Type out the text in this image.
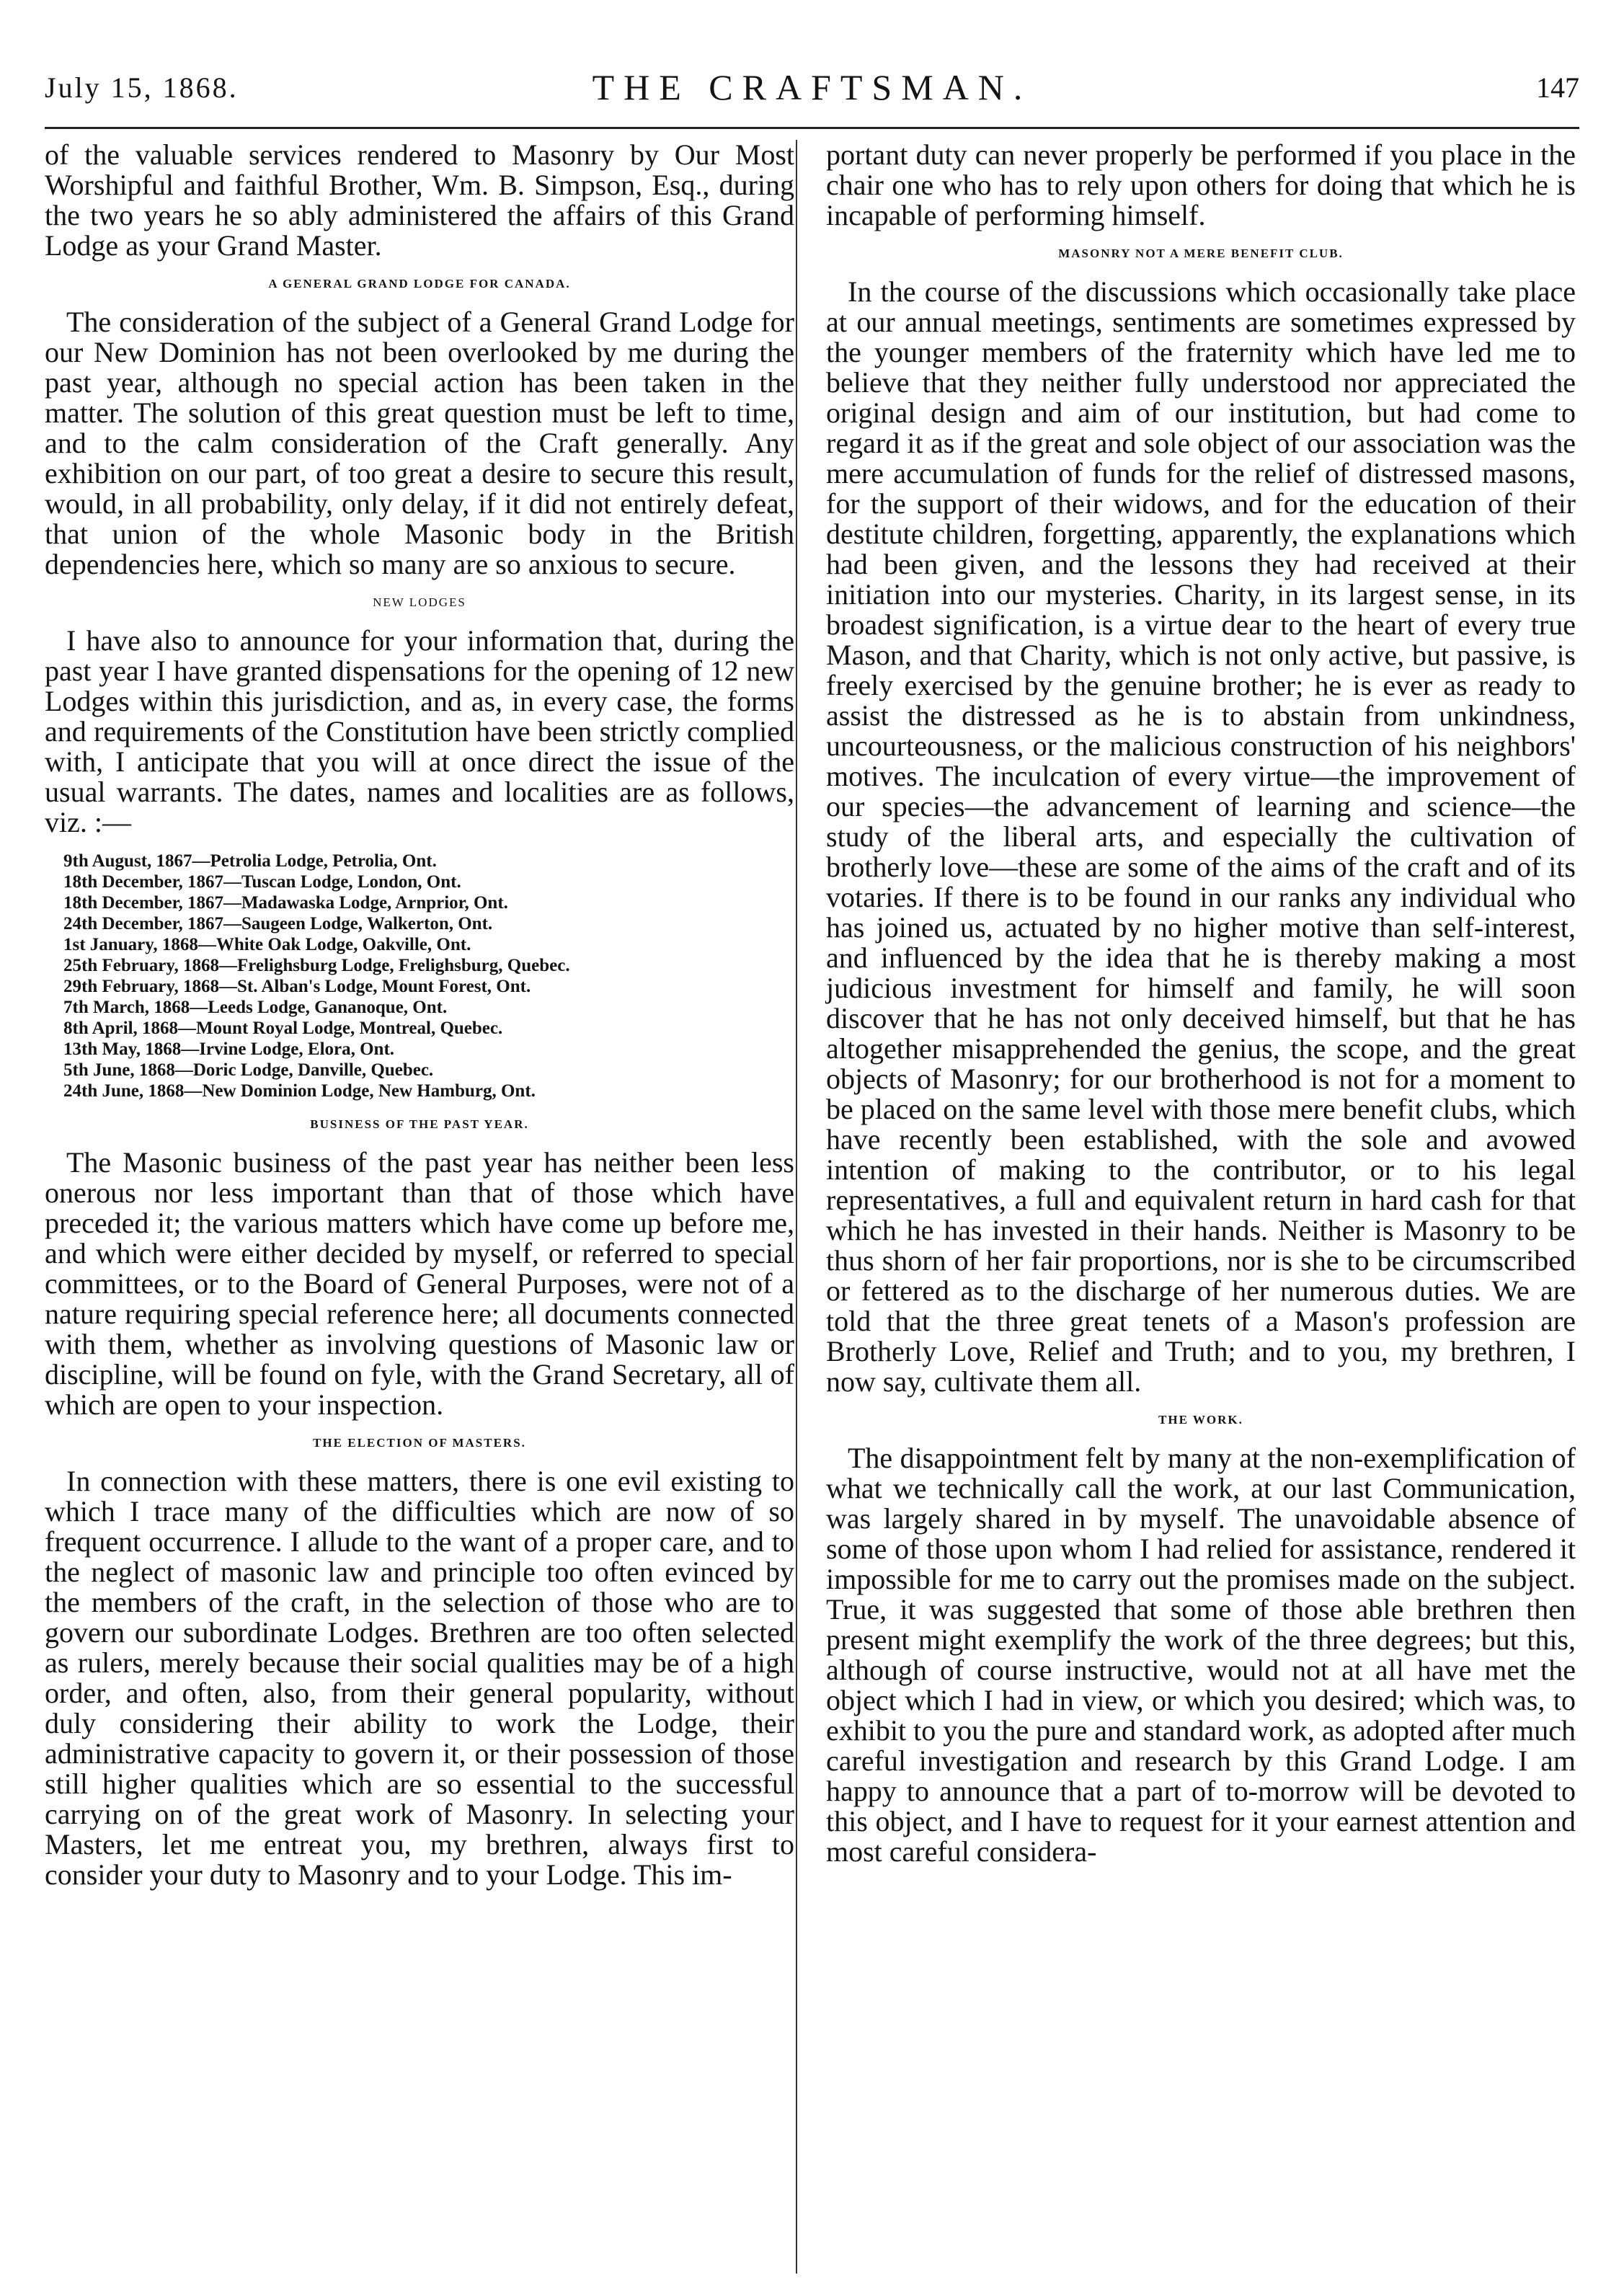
July 15, 1868.	THE CRAFTSMAN.	147

of the valuable services rendered to Masonry by Our Most Worshipful and faithful Brother, Wm. B. Simpson, Esq., during the two years he so ably administered the affairs of this Grand Lodge as your Grand Master.

A GENERAL GRAND LODGE FOR CANADA.

The consideration of the subject of a General Grand Lodge for our New Dominion has not been overlooked by me during the past year, although no special action has been taken in the matter. The solution of this great question must be left to time, and to the calm consideration of the Craft generally. Any exhibition on our part, of too great a desire to secure this result, would, in all probability, only delay, if it did not entirely defeat, that union of the whole Masonic body in the British dependencies here, which so many are so anxious to secure.

NEW LODGES

I have also to announce for your information that, during the past year I have granted dispensations for the opening of 12 new Lodges within this jurisdiction, and as, in every case, the forms and requirements of the Constitution have been strictly complied with, I anticipate that you will at once direct the issue of the usual warrants. The dates, names and localities are as follows, viz. :—

9th August, 1867—Petrolia Lodge, Petrolia, Ont.
18th December, 1867—Tuscan Lodge, London, Ont.
18th December, 1867—Madawaska Lodge, Arnprior, Ont.
24th December, 1867—Saugeen Lodge, Walkerton, Ont.
1st January, 1868—White Oak Lodge, Oakville, Ont.
25th February, 1868—Frelighsburg Lodge, Frelighsburg, Quebec.
29th February, 1868—St. Alban's Lodge, Mount Forest, Ont.
7th March, 1868—Leeds Lodge, Gananoque, Ont.
8th April, 1868—Mount Royal Lodge, Montreal, Quebec.
13th May, 1868—Irvine Lodge, Elora, Ont.
5th June, 1868—Doric Lodge, Danville, Quebec.
24th June, 1868—New Dominion Lodge, New Hamburg, Ont.
BUSINESS OF THE PAST YEAR.

The Masonic business of the past year has neither been less onerous nor less important than that of those which have preceded it; the various matters which have come up before me, and which were either decided by myself, or referred to special committees, or to the Board of General Purposes, were not of a nature requiring special reference here; all documents connected with them, whether as involving questions of Masonic law or discipline, will be found on fyle, with the Grand Secretary, all of which are open to your inspection.

THE ELECTION OF MASTERS.

In connection with these matters, there is one evil existing to which I trace many of the difficulties which are now of so frequent occurrence. I allude to the want of a proper care, and to the neglect of masonic law and principle too often evinced by the members of the craft, in the selection of those who are to govern our subordinate Lodges. Brethren are too often selected as rulers, merely because their social qualities may be of a high order, and often, also, from their general popularity, without duly considering their ability to work the Lodge, their administrative capacity to govern it, or their possession of those still higher qualities which are so essential to the successful carrying on of the great work of Masonry. In selecting your Masters, let me entreat you, my brethren, always first to consider your duty to Masonry and to your Lodge. This im-

portant duty can never properly be performed if you place in the chair one who has to rely upon others for doing that which he is incapable of performing himself.

MASONRY NOT A MERE BENEFIT CLUB.

In the course of the discussions which occasionally take place at our annual meetings, sentiments are sometimes expressed by the younger members of the fraternity which have led me to believe that they neither fully understood nor appreciated the original design and aim of our institution, but had come to regard it as if the great and sole object of our association was the mere accumulation of funds for the relief of distressed masons, for the support of their widows, and for the education of their destitute children, forgetting, apparently, the explanations which had been given, and the lessons they had received at their initiation into our mysteries. Charity, in its largest sense, in its broadest signification, is a virtue dear to the heart of every true Mason, and that Charity, which is not only active, but passive, is freely exercised by the genuine brother; he is ever as ready to assist the distressed as he is to abstain from unkindness, uncourteousness, or the malicious construction of his neighbors' motives. The inculcation of every virtue—the improvement of our species—the advancement of learning and science—the study of the liberal arts, and especially the cultivation of brotherly love—these are some of the aims of the craft and of its votaries. If there is to be found in our ranks any individual who has joined us, actuated by no higher motive than self-interest, and influenced by the idea that he is thereby making a most judicious investment for himself and family, he will soon discover that he has not only deceived himself, but that he has altogether misapprehended the genius, the scope, and the great objects of Masonry; for our brotherhood is not for a moment to be placed on the same level with those mere benefit clubs, which have recently been established, with the sole and avowed intention of making to the contributor, or to his legal representatives, a full and equivalent return in hard cash for that which he has invested in their hands. Neither is Masonry to be thus shorn of her fair proportions, nor is she to be circumscribed or fettered as to the discharge of her numerous duties. We are told that the three great tenets of a Mason's profession are Brotherly Love, Relief and Truth; and to you, my brethren, I now say, cultivate them all.

THE WORK.

The disappointment felt by many at the non-exemplification of what we technically call the work, at our last Communication, was largely shared in by myself. The unavoidable absence of some of those upon whom I had relied for assistance, rendered it impossible for me to carry out the promises made on the subject. True, it was suggested that some of those able brethren then present might exemplify the work of the three degrees; but this, although of course instructive, would not at all have met the object which I had in view, or which you desired; which was, to exhibit to you the pure and standard work, as adopted after much careful investigation and research by this Grand Lodge. I am happy to announce that a part of to-morrow will be devoted to this object, and I have to request for it your earnest attention and most careful considera-
